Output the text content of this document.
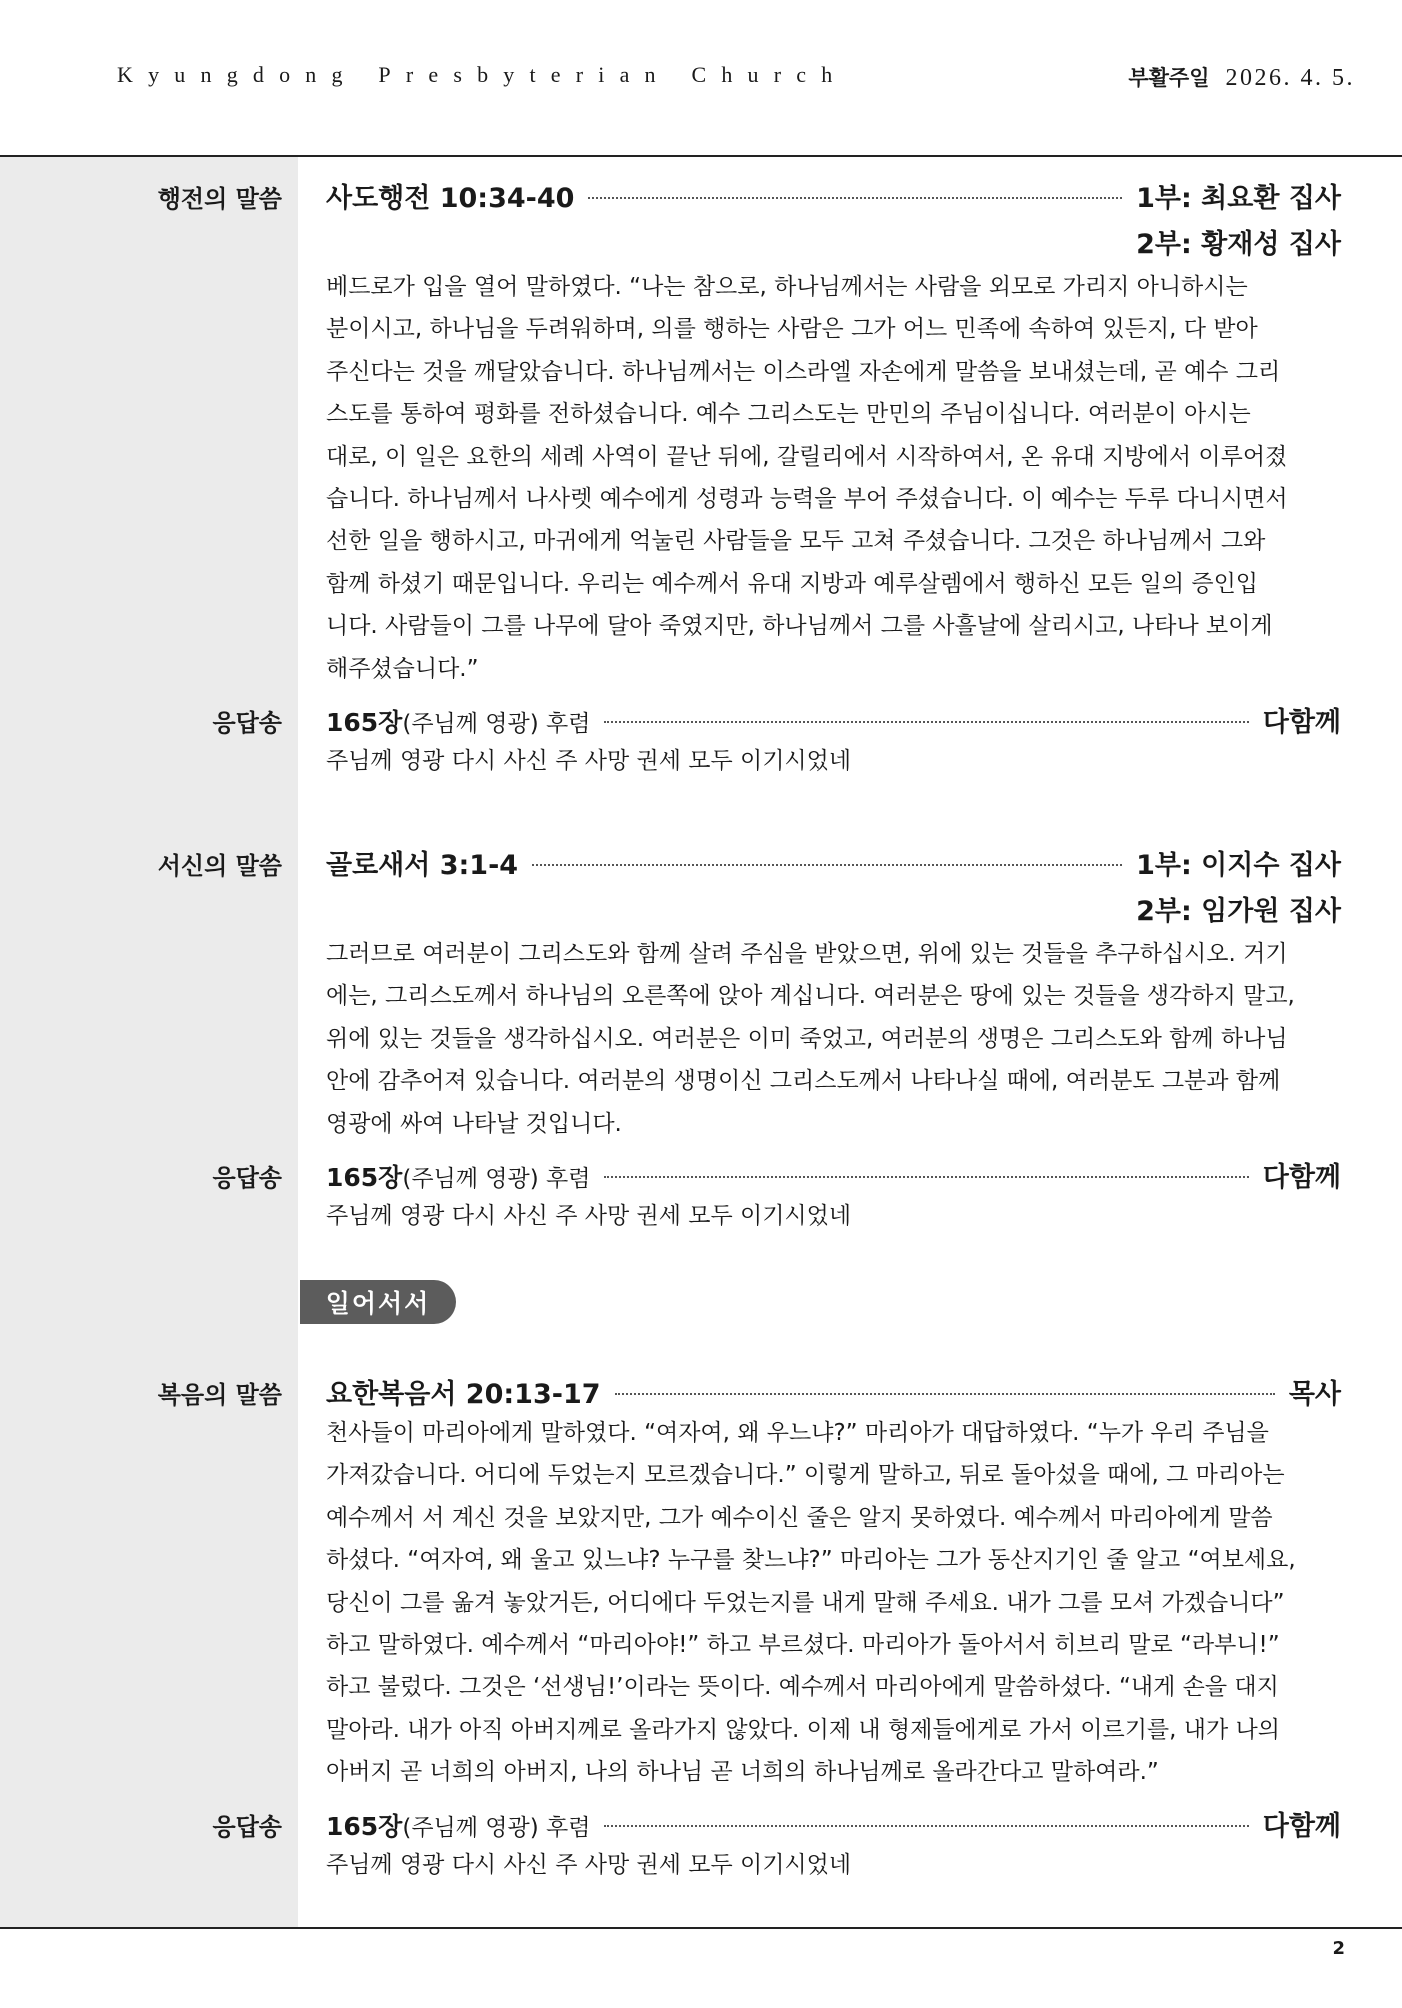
Kyungdong Presbyterian Church	부활주일 2026. 4. 5.
행전의 말씀 사도행전 10:34-40	1부: 최요환 집사
2부: 황재성 집사

베드로가 입을 열어 말하였다. “나는 참으로, 하나님께서는 사람을 외모로 가리지 아니하시는

분이시고, 하나님을 두려워하며, 의를 행하는 사람은 그가 어느 민족에 속하여 있든지, 다 받아

주신다는 것을 깨달았습니다. 하나님께서는 이스라엘 자손에게 말씀을 보내셨는데, 곧 예수 그리

스도를 통하여 평화를 전하셨습니다. 예수 그리스도는 만민의 주님이십니다. 여러분이 아시는

대로, 이 일은 요한의 세례 사역이 끝난 뒤에, 갈릴리에서 시작하여서, 온 유대 지방에서 이루어졌

습니다. 하나님께서 나사렛 예수에게 성령과 능력을 부어 주셨습니다. 이 예수는 두루 다니시면서

선한 일을 행하시고, 마귀에게 억눌린 사람들을 모두 고쳐 주셨습니다. 그것은 하나님께서 그와

함께 하셨기 때문입니다. 우리는 예수께서 유대 지방과 예루살렘에서 행하신 모든 일의 증인입

니다. 사람들이 그를 나무에 달아 죽였지만, 하나님께서 그를 사흘날에 살리시고, 나타나 보이게

해주셨습니다.”

응답송 165장(주님께 영광) 후렴	다함께
주님께 영광 다시 사신 주 사망 권세 모두 이기시었네
서신의 말씀 골로새서 3:1-4	1부: 이지수 집사
2부: 임가원 집사

그러므로 여러분이 그리스도와 함께 살려 주심을 받았으면, 위에 있는 것들을 추구하십시오. 거기

에는, 그리스도께서 하나님의 오른쪽에 앉아 계십니다. 여러분은 땅에 있는 것들을 생각하지 말고,

위에 있는 것들을 생각하십시오. 여러분은 이미 죽었고, 여러분의 생명은 그리스도와 함께 하나님

안에 감추어져 있습니다. 여러분의 생명이신 그리스도께서 나타나실 때에, 여러분도 그분과 함께

영광에 싸여 나타날 것입니다.

응답송 165장(주님께 영광) 후렴	다함께
주님께 영광 다시 사신 주 사망 권세 모두 이기시었네
복음의 말씀 요한복음서 20:13-17	목사

천사들이 마리아에게 말하였다. “여자여, 왜 우느냐?” 마리아가 대답하였다. “누가 우리 주님을

가져갔습니다. 어디에 두었는지 모르겠습니다.” 이렇게 말하고, 뒤로 돌아섰을 때에, 그 마리아는

예수께서 서 계신 것을 보았지만, 그가 예수이신 줄은 알지 못하였다. 예수께서 마리아에게 말씀

하셨다. “여자여, 왜 울고 있느냐? 누구를 찾느냐?” 마리아는 그가 동산지기인 줄 알고 “여보세요,

당신이 그를 옮겨 놓았거든, 어디에다 두었는지를 내게 말해 주세요. 내가 그를 모셔 가겠습니다”

하고 말하였다. 예수께서 “마리아야!” 하고 부르셨다. 마리아가 돌아서서 히브리 말로 “라부니!”

하고 불렀다. 그것은 ‘선생님!’이라는 뜻이다. 예수께서 마리아에게 말씀하셨다. “내게 손을 대지

말아라. 내가 아직 아버지께로 올라가지 않았다. 이제 내 형제들에게로 가서 이르기를, 내가 나의

아버지 곧 너희의 아버지, 나의 하나님 곧 너희의 하나님께로 올라간다고 말하여라.”

응답송 165장(주님께 영광) 후렴	다함께
주님께 영광 다시 사신 주 사망 권세 모두 이기시었네
일어서서
2
